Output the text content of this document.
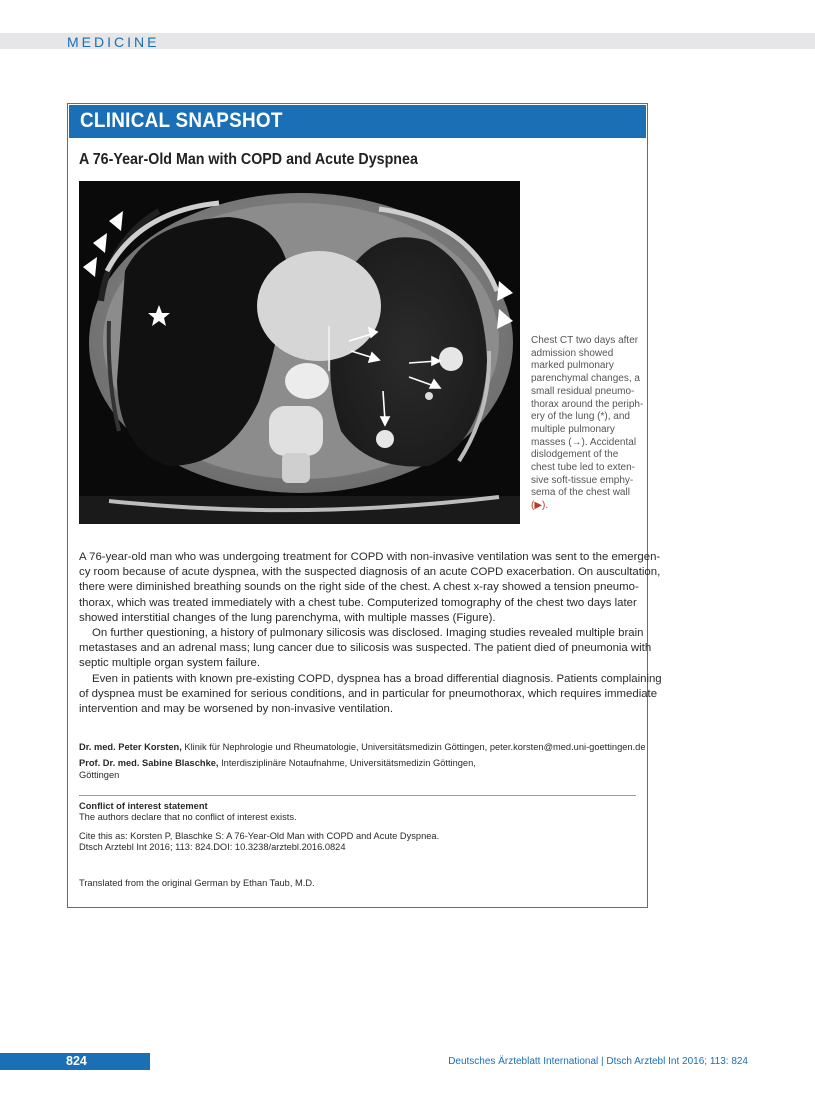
MEDICINE
CLINICAL SNAPSHOT
A 76-Year-Old Man with COPD and Acute Dyspnea
Chest CT two days after
admission showed
marked pulmonary
parenchymal changes, a
small residual pneumo-
thorax around the periph-
ery of the lung (*), and
multiple pulmonary
masses (→). Accidental
dislodgement of the
chest tube led to exten-
sive soft-tissue emphy-
sema of the chest wall
(▶).
A 76-year-old man who was undergoing treatment for COPD with non-invasive ventilation was sent to the emergen-
cy room because of acute dyspnea, with the suspected diagnosis of an acute COPD exacerbation. On auscultation,
there were diminished breathing sounds on the right side of the chest. A chest x-ray showed a tension pneumo-
thorax, which was treated immediately with a chest tube. Computerized tomography of the chest two days later
showed interstitial changes of the lung parenchyma, with multiple masses (Figure).
On further questioning, a history of pulmonary silicosis was disclosed. Imaging studies revealed multiple brain
metastases and an adrenal mass; lung cancer due to silicosis was suspected. The patient died of pneumonia with
septic multiple organ system failure.
Even in patients with known pre-existing COPD, dyspnea has a broad differential diagnosis. Patients complaining
of dyspnea must be examined for serious conditions, and in particular for pneumothorax, which requires immediate
intervention and may be worsened by non-invasive ventilation.
Dr. med. Peter Korsten, Klinik für Nephrologie und Rheumatologie, Universitätsmedizin Göttingen, peter.korsten@med.uni-goettingen.de
Prof. Dr. med. Sabine Blaschke, Interdisziplinäre Notaufnahme, Universitätsmedizin Göttingen,
Göttingen
Conflict of interest statement
The authors declare that no conflict of interest exists.
Cite this as: Korsten P, Blaschke S: A 76-Year-Old Man with COPD and Acute Dyspnea.
Dtsch Arztebl Int 2016; 113: 824.DOI: 10.3238/arztebl.2016.0824
Translated from the original German by Ethan Taub, M.D.
824	Deutsches Ärzteblatt International | Dtsch Arztebl Int 2016; 113: 824
